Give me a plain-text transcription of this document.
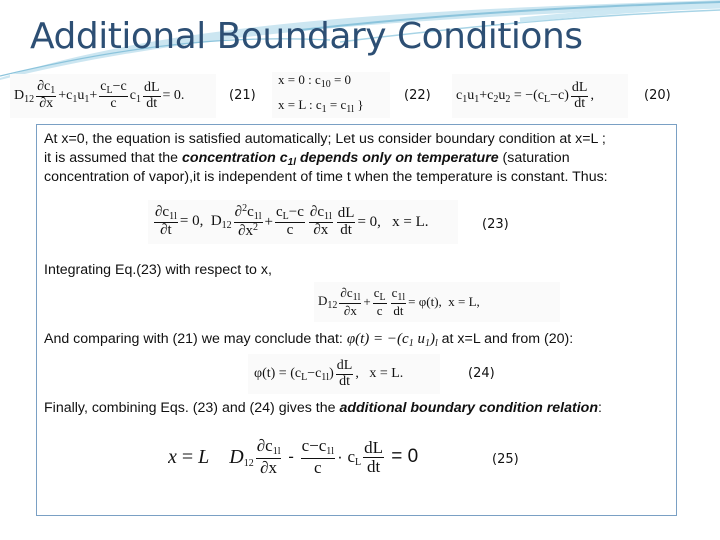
Additional Boundary Conditions
$D_{12} \frac{\partial c_1}{\partial x} +c_1u_1+ \frac{c_L-c}{c} c_1 \frac{dL}{dt} = 0$.	(21)
x = 0 : $c_{10} = 0$
x = L : $c_1 = c_{1l}$ }
(22) $c_1u_1+c_2u_2 = -(c_L-c) \frac{dL}{dt}$ ,	(20)
At x=0, the equation is satisfied automatically; Let us consider boundary condition at x=L ;
it is assumed that the concentration $c_{1l}$ depends only on temperature (saturation
concentration of vapor),it is independent of time t when the temperature is constant. Thus:
$\frac{\partial c_{1l}}{\partial t} = 0$,  $D_{12} \frac{\partial^2c_{1l}}{\partial x^2} + \frac{c_L-c}{c} \frac{\partial c_{1l}}{\partial x} \frac{dL}{dt} = 0$,   x = L.	(23)
Integrating Eq.(23) with respect to x,
$D_{12} \frac{\partial c_{1l}}{\partial x} + \frac{c_L}{c} \frac{c_{1l}}{dt} = \varphi(t)$,  x = L,
And comparing with (21) we may conclude that: $\varphi(t) = -(c_1$ $u_1)_l$ at x=L and from (20):
$\varphi(t) = (c_L-c_{1l}) \frac{dL}{dt}$ ,   x = L.	(24)
Finally, combining Eqs. (23) and (24) gives the additional boundary condition relation:
x = L $D_{12} \frac{\partial c_{1l}}{\partial x} - \frac{c-c_{1l}}{c} \cdot c_L \frac{dL}{dt} = 0$	(25)
